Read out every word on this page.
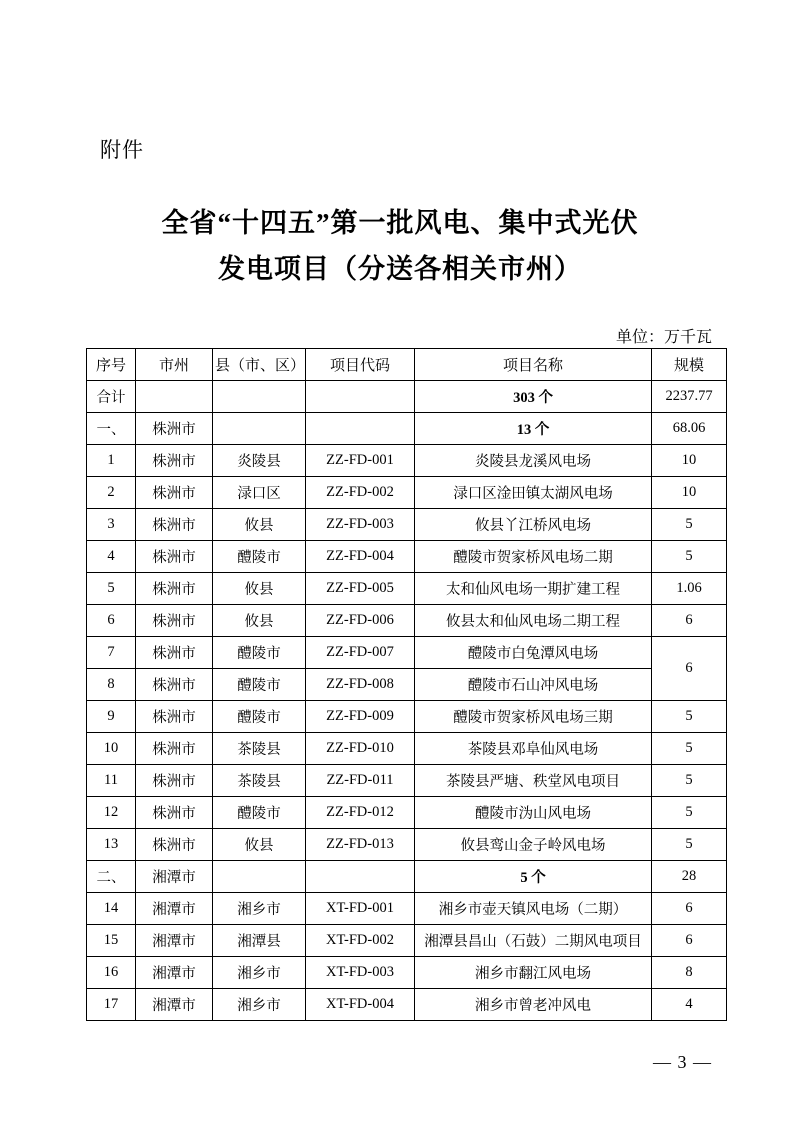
附件
全省“十四五”第一批风电、集中式光伏
发电项目（分送各相关市州）
单位：万千瓦
序号	市州	县（市、区）	项目代码	项目名称	规模
合计				303 个	2237.77
一、	株洲市			13 个	68.06
1	株洲市	炎陵县	ZZ-FD-001	炎陵县龙溪风电场	10
2	株洲市	渌口区	ZZ-FD-002	渌口区淦田镇太湖风电场	10
3	株洲市	攸县	ZZ-FD-003	攸县丫江桥风电场	5
4	株洲市	醴陵市	ZZ-FD-004	醴陵市贺家桥风电场二期	5
5	株洲市	攸县	ZZ-FD-005	太和仙风电场一期扩建工程	1.06
6	株洲市	攸县	ZZ-FD-006	攸县太和仙风电场二期工程	6
7	株洲市	醴陵市	ZZ-FD-007	醴陵市白兔潭风电场	6
8	株洲市	醴陵市	ZZ-FD-008	醴陵市石山冲风电场	
9	株洲市	醴陵市	ZZ-FD-009	醴陵市贺家桥风电场三期	5
10	株洲市	茶陵县	ZZ-FD-010	茶陵县邓阜仙风电场	5
11	株洲市	茶陵县	ZZ-FD-011	茶陵县严塘、秩堂风电项目	5
12	株洲市	醴陵市	ZZ-FD-012	醴陵市沩山风电场	5
13	株洲市	攸县	ZZ-FD-013	攸县鸾山金子岭风电场	5
二、	湘潭市			5 个	28
14	湘潭市	湘乡市	XT-FD-001	湘乡市壶天镇风电场（二期）	6
15	湘潭市	湘潭县	XT-FD-002	湘潭县昌山（石鼓）二期风电项目	6
16	湘潭市	湘乡市	XT-FD-003	湘乡市翻江风电场	8
17	湘潭市	湘乡市	XT-FD-004	湘乡市曾老冲风电	4
— 3 —
